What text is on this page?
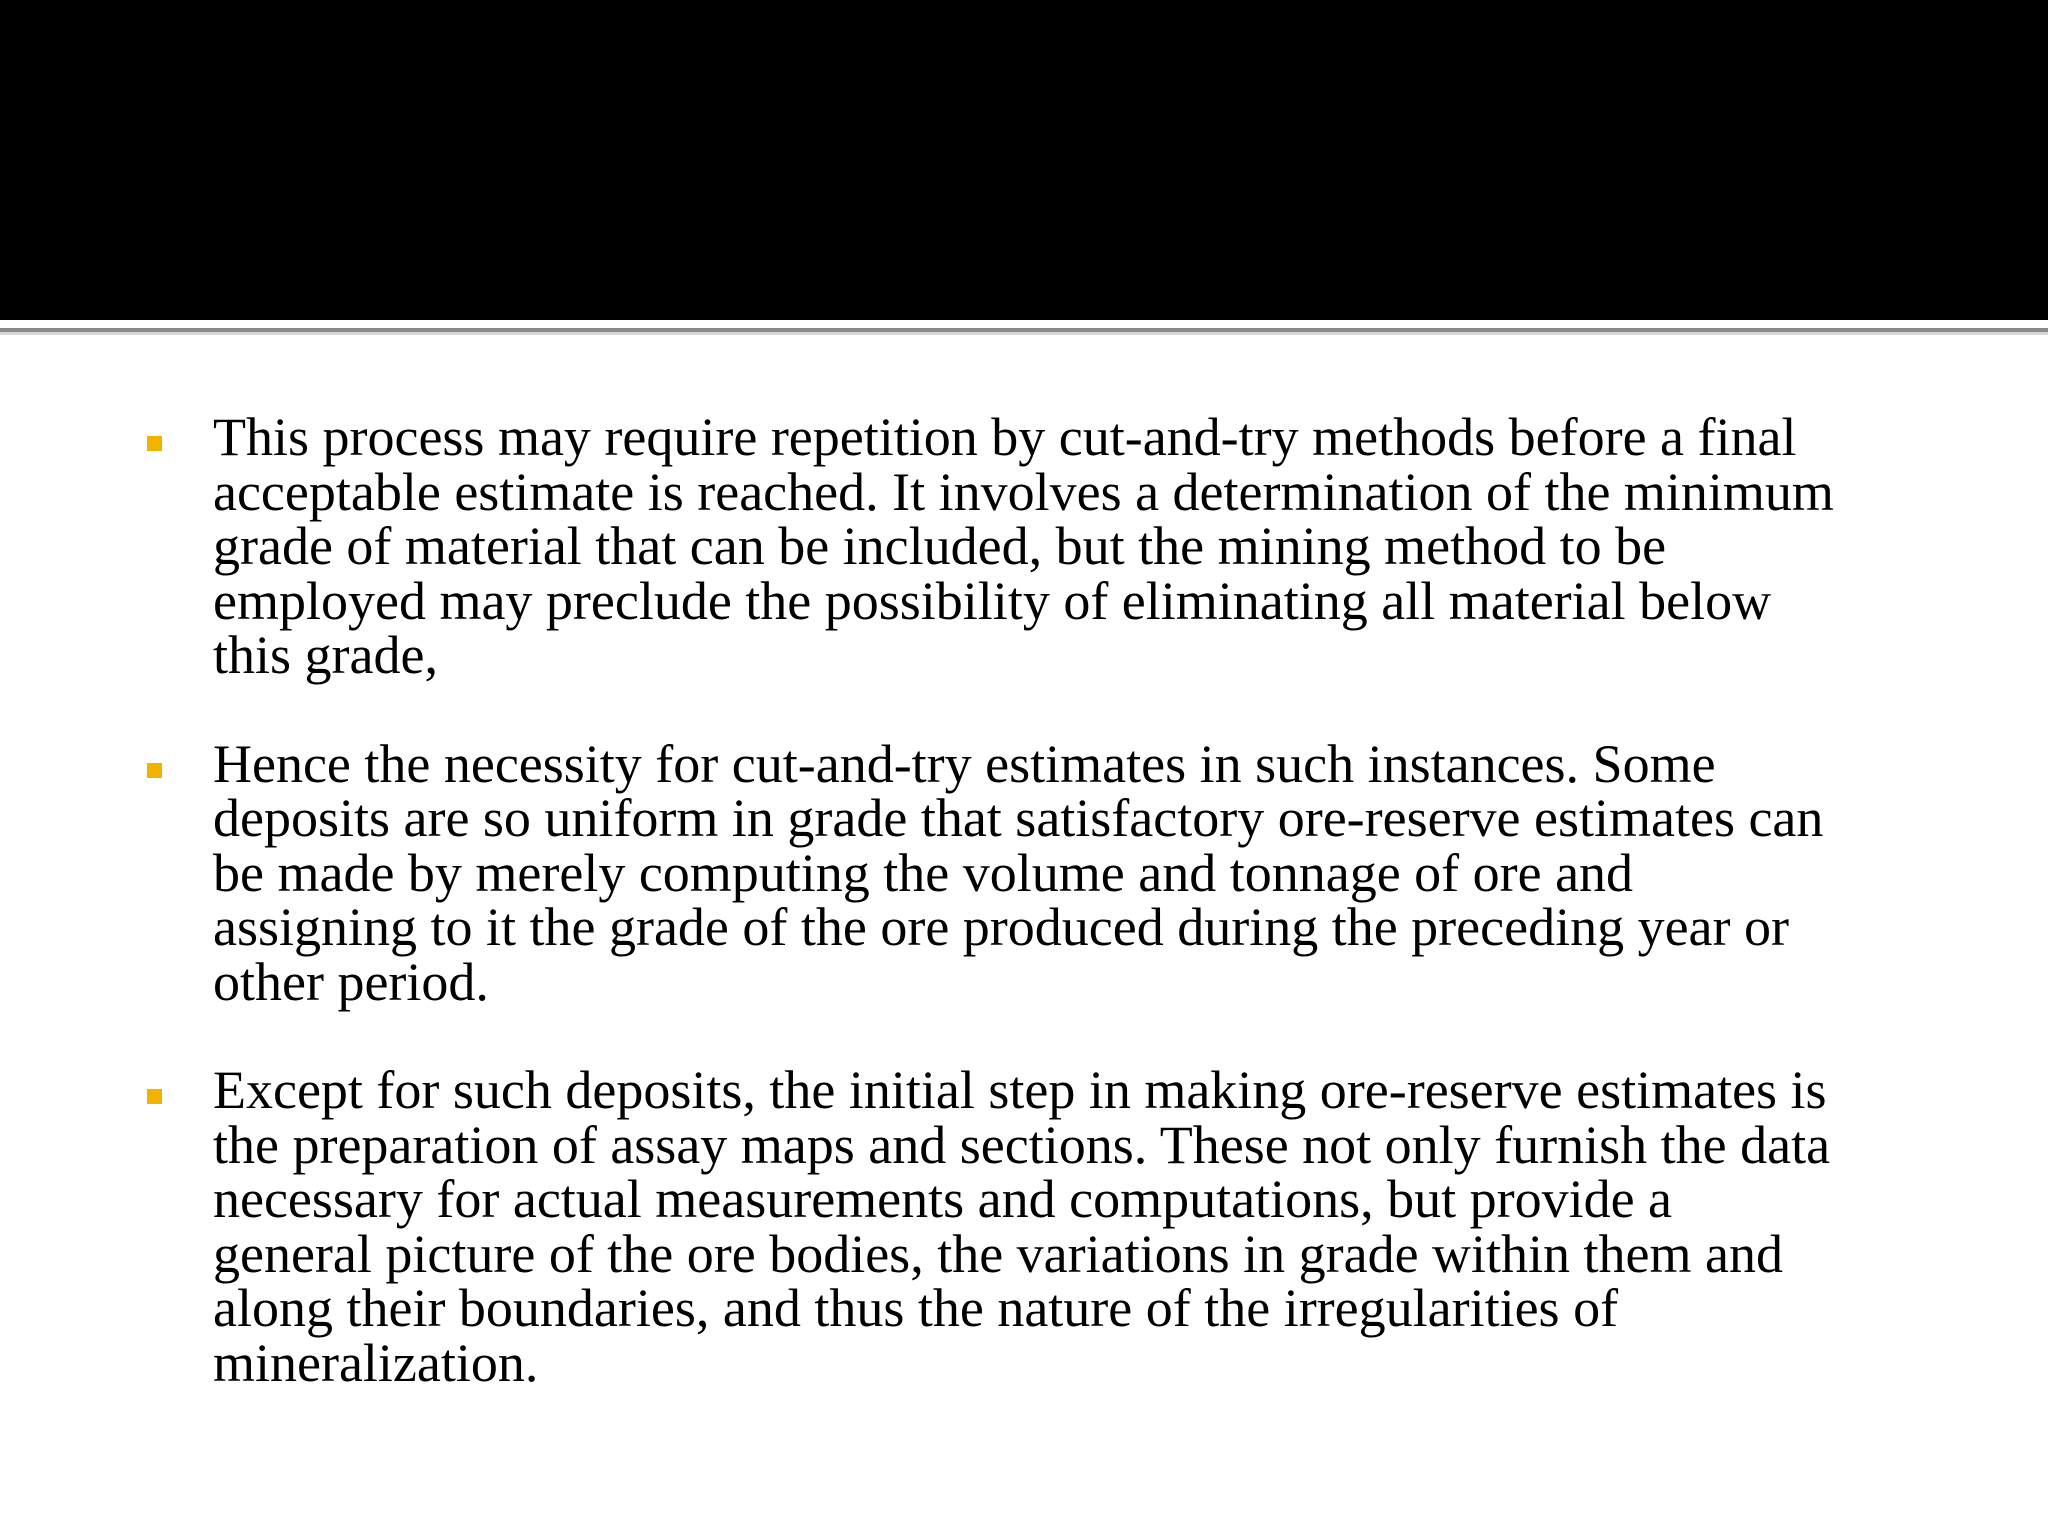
This process may require repetition by cut-and-try methods before a final
acceptable estimate is reached. It involves a determination of the minimum
grade of material that can be included, but the mining method to be
employed may preclude the possibility of eliminating all material below
this grade,
Hence the necessity for cut-and-try estimates in such instances. Some
deposits are so uniform in grade that satisfactory ore-reserve estimates can
be made by merely computing the volume and tonnage of ore and
assigning to it the grade of the ore produced during the preceding year or
other period.
Except for such deposits, the initial step in making ore-reserve estimates is
the preparation of assay maps and sections. These not only furnish the data
necessary for actual measurements and computations, but provide a
general picture of the ore bodies, the variations in grade within them and
along their boundaries, and thus the nature of the irregularities of
mineralization.
